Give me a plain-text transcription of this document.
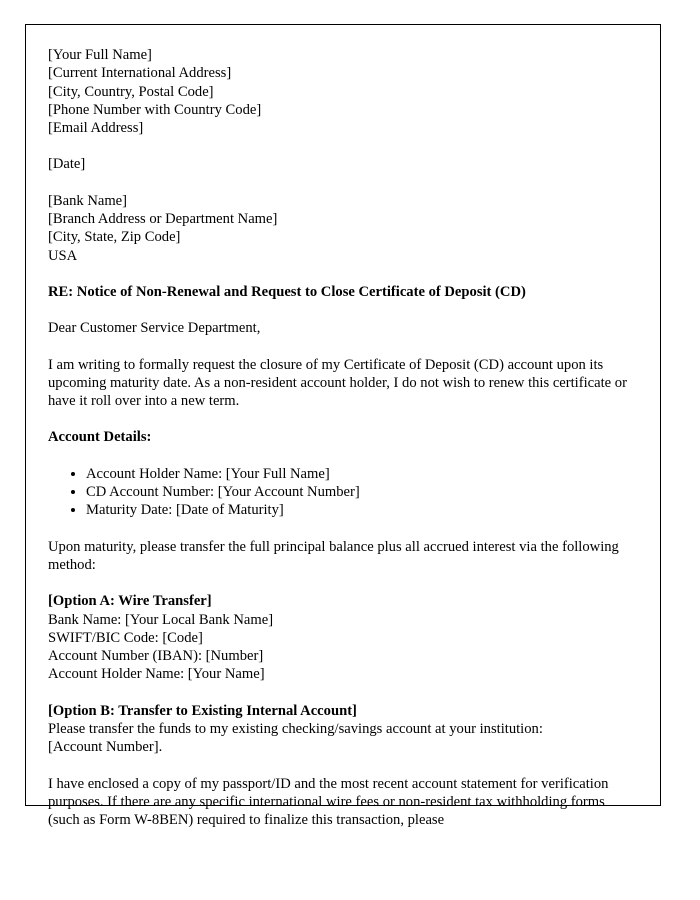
[Your Full Name]
[Current International Address]
[City, Country, Postal Code]
[Phone Number with Country Code]
[Email Address]
[Date]
[Bank Name]
[Branch Address or Department Name]
[City, State, Zip Code]
USA

RE: Notice of Non-Renewal and Request to Close Certificate of Deposit (CD)

Dear Customer Service Department,

I am writing to formally request the closure of my Certificate of Deposit (CD) account upon its upcoming maturity date. As a non-resident account holder, I do not wish to renew this certificate or have it roll over into a new term.

Account Details:

• Account Holder Name: [Your Full Name]
• CD Account Number: [Your Account Number]
• Maturity Date: [Date of Maturity]

Upon maturity, please transfer the full principal balance plus all accrued interest via the following method:

[Option A: Wire Transfer]

Bank Name: [Your Local Bank Name]
SWIFT/BIC Code: [Code]
Account Number (IBAN): [Number]
Account Holder Name: [Your Name]

[Option B: Transfer to Existing Internal Account]

Please transfer the funds to my existing checking/savings account at your institution:
[Account Number].

I have enclosed a copy of my passport/ID and the most recent account statement for verification purposes. If there are any specific international wire fees or non-resident tax withholding forms (such as Form W-8BEN) required to finalize this transaction, please
